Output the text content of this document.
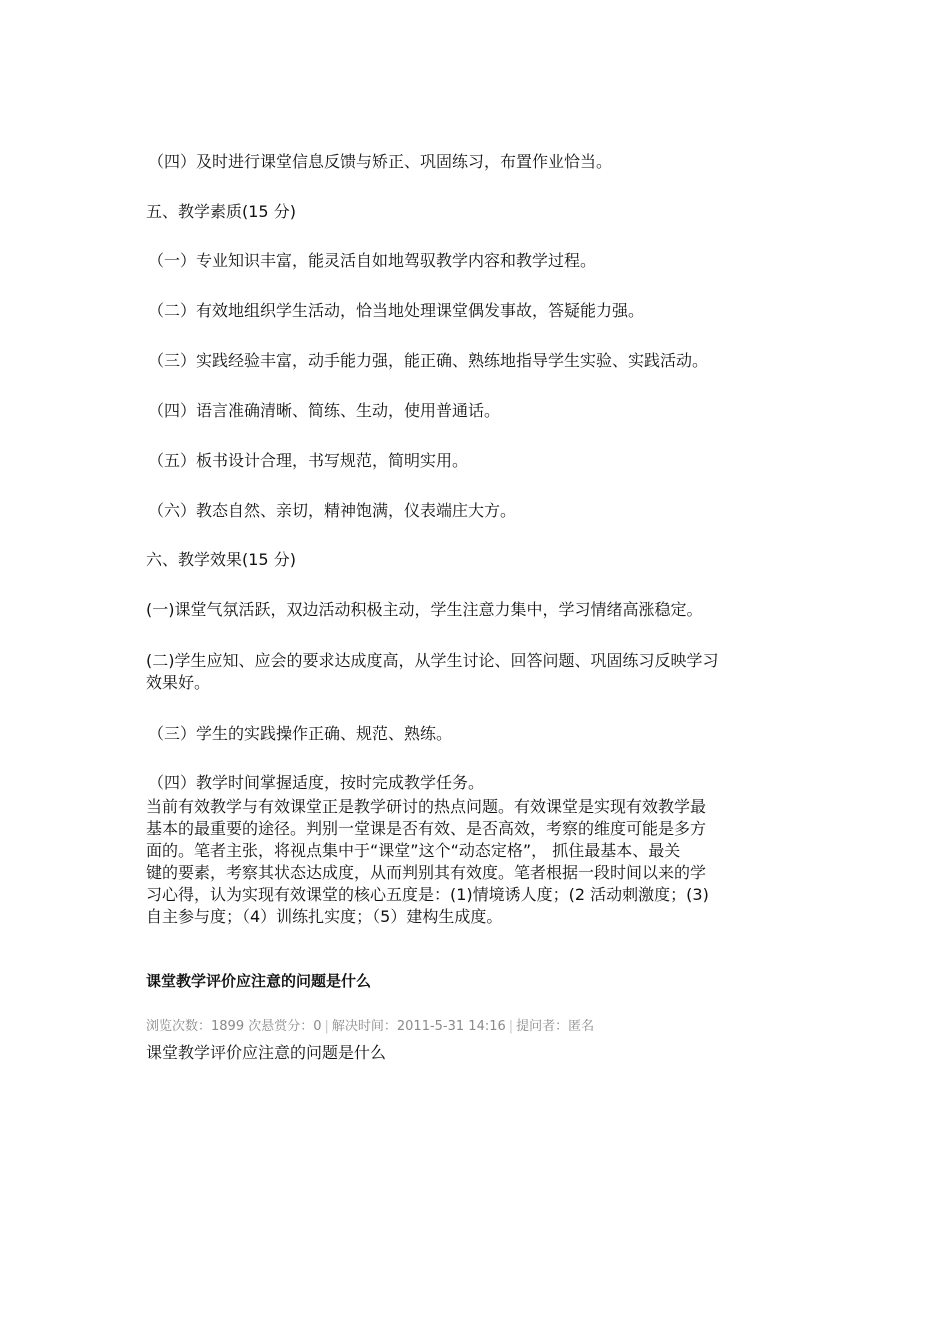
（四）及时进行课堂信息反馈与矫正、巩固练习，布置作业恰当。
五、教学素质(15 分)
（一）专业知识丰富，能灵活自如地驾驭教学内容和教学过程。
（二）有效地组织学生活动，恰当地处理课堂偶发事故，答疑能力强。
（三）实践经验丰富，动手能力强，能正确、熟练地指导学生实验、实践活动。
（四）语言准确清晰、简练、生动，使用普通话。
（五）板书设计合理，书写规范，简明实用。
（六）教态自然、亲切，精神饱满，仪表端庄大方。
六、教学效果(15 分)
(一)课堂气氛活跃，双边活动积极主动，学生注意力集中，学习情绪高涨稳定。
(二)学生应知、应会的要求达成度高，从学生讨论、回答问题、巩固练习反映学习
效果好。
（三）学生的实践操作正确、规范、熟练。
（四）教学时间掌握适度，按时完成教学任务。
当前有效教学与有效课堂正是教学研讨的热点问题。有效课堂是实现有效教学最
基本的最重要的途径。判别一堂课是否有效、是否高效，考察的维度可能是多方
面的。笔者主张，将视点集中于“课堂”这个“动态定格”， 抓住最基本、最关
键的要素，考察其状态达成度，从而判别其有效度。笔者根据一段时间以来的学
习心得，认为实现有效课堂的核心五度是：(1)情境诱人度；(2 活动刺激度；(3)
自主参与度；（4）训练扎实度；（5）建构生成度。
课堂教学评价应注意的问题是什么
浏览次数：1899 次悬赏分：0 | 解决时间：2011-5-31 14:16 | 提问者：匿名
课堂教学评价应注意的问题是什么
